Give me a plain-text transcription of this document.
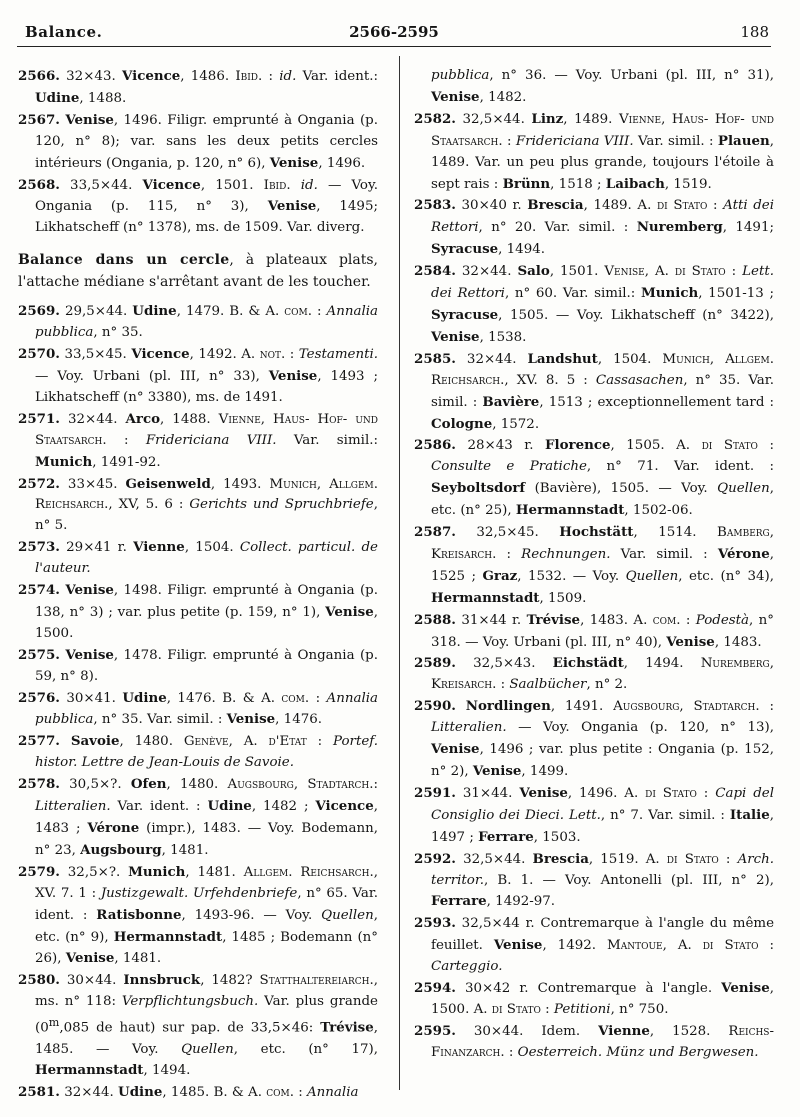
Balance.	2566-2595	188
2566. 32×43. Vicence, 1486. Ibid. : id. Var. ident.: Udine, 1488.
2567. Venise, 1496. Filigr. emprunté à Ongania (p. 120, n° 8); var. sans les deux petits cercles intérieurs (Ongania, p. 120, n° 6), Venise, 1496.
2568. 33,5×44. Vicence, 1501. Ibid. id. — Voy. Ongania (p. 115, n° 3), Venise, 1495; Likhatscheff (n° 1378), ms. de 1509. Var. diverg.
Balance dans un cercle, à plateaux plats, l'attache médiane s'arrêtant avant de les toucher.
2569. 29,5×44. Udine, 1479. B. & A. com. : Annalia pubblica, n° 35.
2570. 33,5×45. Vicence, 1492. A. not. : Testamenti. — Voy. Urbani (pl. III, n° 33), Venise, 1493 ; Likhatscheff (n° 3380), ms. de 1491.
2571. 32×44. Arco, 1488. Vienne, Haus- Hof- und Staatsarch. : Fridericiana VIII. Var. simil.: Munich, 1491-92.
2572. 33×45. Geisenweld, 1493. Munich, Allgem. Reichsarch., XV, 5. 6 : Gerichts und Spruchbriefe, n° 5.
2573. 29×41 r. Vienne, 1504. Collect. particul. de l'auteur.
2574. Venise, 1498. Filigr. emprunté à Ongania (p. 138, n° 3) ; var. plus petite (p. 159, n° 1), Venise, 1500.
2575. Venise, 1478. Filigr. emprunté à Ongania (p. 59, n° 8).
2576. 30×41. Udine, 1476. B. & A. com. : Annalia pubblica, n° 35. Var. simil. : Venise, 1476.
2577. Savoie, 1480. Genève, A. d'Etat : Portef. histor. Lettre de Jean-Louis de Savoie.
2578. 30,5×?. Ofen, 1480. Augsbourg, Stadtarch.: Litteralien. Var. ident. : Udine, 1482 ; Vicence, 1483 ; Vérone (impr.), 1483. — Voy. Bodemann, n° 23, Augsbourg, 1481.
2579. 32,5×?. Munich, 1481. Allgem. Reichsarch., XV. 7. 1 : Justizgewalt. Urfehdenbriefe, n° 65. Var. ident. : Ratisbonne, 1493-96. — Voy. Quellen, etc. (n° 9), Hermannstadt, 1485 ; Bodemann (n° 26), Venise, 1481.
2580. 30×44. Innsbruck, 1482? Statthaltereiarch., ms. n° 118: Verpflichtungsbuch. Var. plus grande (0$^m$,085 de haut) sur pap. de 33,5×46: Trévise, 1485. — Voy. Quellen, etc. (n° 17), Hermannstadt, 1494.
2581. 32×44. Udine, 1485. B. & A. com. : Annalia
pubblica, n° 36. — Voy. Urbani (pl. III, n° 31), Venise, 1482.
2582. 32,5×44. Linz, 1489. Vienne, Haus- Hof- und Staatsarch. : Fridericiana VIII. Var. simil. : Plauen, 1489. Var. un peu plus grande, toujours l'étoile à sept rais : Brünn, 1518 ; Laibach, 1519.
2583. 30×40 r. Brescia, 1489. A. di Stato : Atti dei Rettori, n° 20. Var. simil. : Nuremberg, 1491; Syracuse, 1494.
2584. 32×44. Salo, 1501. Venise, A. di Stato : Lett. dei Rettori, n° 60. Var. simil.: Munich, 1501-13 ; Syracuse, 1505. — Voy. Likhatscheff (n° 3422), Venise, 1538.
2585. 32×44. Landshut, 1504. Munich, Allgem. Reichsarch., XV. 8. 5 : Cassasachen, n° 35. Var. simil. : Bavière, 1513 ; exceptionnellement tard : Cologne, 1572.
2586. 28×43 r. Florence, 1505. A. di Stato : Consulte e Pratiche, n° 71. Var. ident. : Seyboltsdorf (Bavière), 1505. — Voy. Quellen, etc. (n° 25), Hermannstadt, 1502-06.
2587. 32,5×45. Hochstätt, 1514. Bamberg, Kreisarch. : Rechnungen. Var. simil. : Vérone, 1525 ; Graz, 1532. — Voy. Quellen, etc. (n° 34), Hermannstadt, 1509.
2588. 31×44 r. Trévise, 1483. A. com. : Podestà, n° 318. — Voy. Urbani (pl. III, n° 40), Venise, 1483.
2589. 32,5×43. Eichstädt, 1494. Nuremberg, Kreisarch. : Saalbücher, n° 2.
2590. Nordlingen, 1491. Augsbourg, Stadtarch. : Litteralien. — Voy. Ongania (p. 120, n° 13), Venise, 1496 ; var. plus petite : Ongania (p. 152, n° 2), Venise, 1499.
2591. 31×44. Venise, 1496. A. di Stato : Capi del Consiglio dei Dieci. Lett., n° 7. Var. simil. : Italie, 1497 ; Ferrare, 1503.
2592. 32,5×44. Brescia, 1519. A. di Stato : Arch. territor., B. 1. — Voy. Antonelli (pl. III, n° 2), Ferrare, 1492-97.
2593. 32,5×44 r. Contremarque à l'angle du même feuillet. Venise, 1492. Mantoue, A. di Stato : Carteggio.
2594. 30×42 r. Contremarque à l'angle. Venise, 1500. A. di Stato : Petitioni, n° 750.
2595. 30×44. Idem. Vienne, 1528. Reichs- Finanzarch. : Oesterreich. Münz und Bergwesen.
